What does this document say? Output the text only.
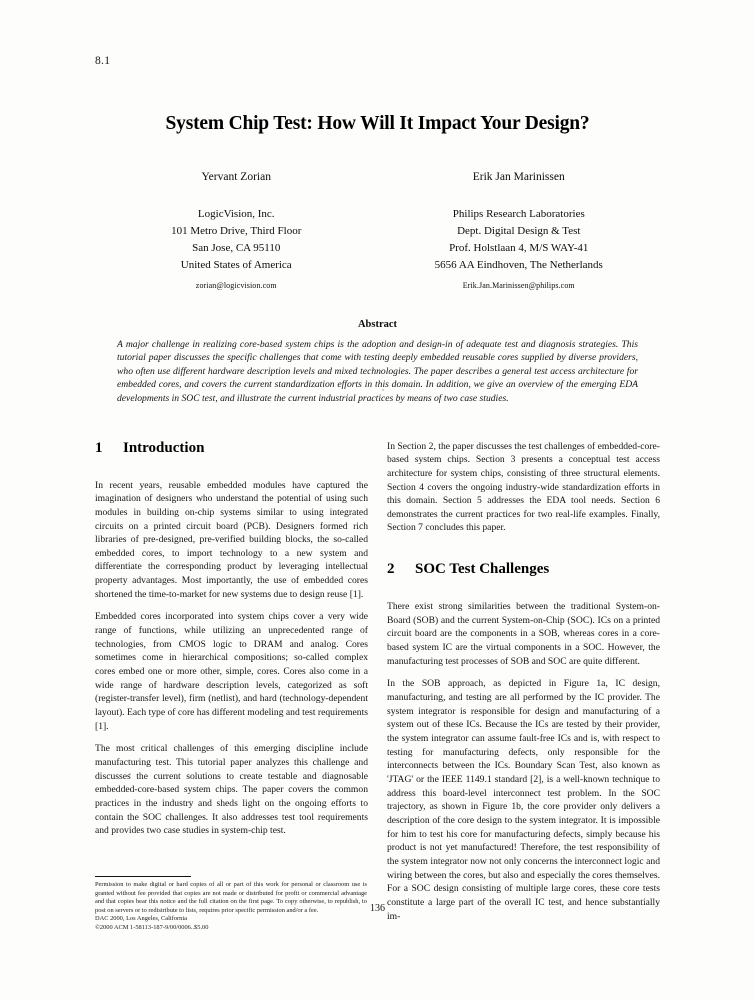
8.1
System Chip Test: How Will It Impact Your Design?
Yervant Zorian
LogicVision, Inc.
101 Metro Drive, Third Floor
San Jose, CA 95110
United States of America
zorian@logicvision.com
Erik Jan Marinissen
Philips Research Laboratories
Dept. Digital Design & Test
Prof. Holstlaan 4, M/S WAY-41
5656 AA Eindhoven, The Netherlands
Erik.Jan.Marinissen@philips.com
Abstract
A major challenge in realizing core-based system chips is the adoption and design-in of adequate test and diagnosis strategies. This tutorial paper discusses the specific challenges that come with testing deeply embedded reusable cores supplied by diverse providers, who often use different hardware description levels and mixed technologies. The paper describes a general test access architecture for embedded cores, and covers the current standardization efforts in this domain. In addition, we give an overview of the emerging EDA developments in SOC test, and illustrate the current industrial practices by means of two case studies.
1 Introduction

In recent years, reusable embedded modules have captured the imagination of designers who understand the potential of using such modules in building on-chip systems similar to using integrated circuits on a printed circuit board (PCB). Designers formed rich libraries of pre-designed, pre-verified building blocks, the so-called embedded cores, to import technology to a new system and differentiate the corresponding product by leveraging intellectual property advantages. Most importantly, the use of embedded cores shortened the time-to-market for new systems due to design reuse [1].

Embedded cores incorporated into system chips cover a very wide range of functions, while utilizing an unprecedented range of technologies, from CMOS logic to DRAM and analog. Cores sometimes come in hierarchical compositions; so-called complex cores embed one or more other, simple, cores. Cores also come in a wide range of hardware description levels, categorized as soft (register-transfer level), firm (netlist), and hard (technology-dependent layout). Each type of core has different modeling and test requirements [1].

The most critical challenges of this emerging discipline include manufacturing test. This tutorial paper analyzes this challenge and discusses the current solutions to create testable and diagnosable embedded-core-based system chips. The paper covers the common practices in the industry and sheds light on the ongoing efforts to contain the SOC challenges. It also addresses test tool requirements and provides two case studies in system-chip test.

Permission to make digital or hard copies of all or part of this work for personal or classroom use is granted without fee provided that copies are not made or distributed for profit or commercial advantage and that copies bear this notice and the full citation on the first page. To copy otherwise, to republish, to post on servers or to redistribute to lists, requires prior specific permission and/or a fee.
DAC 2000, Los Angeles, California
©2000 ACM 1-58113-187-9/00/0006..$5.00

In Section 2, the paper discusses the test challenges of embedded-core-based system chips. Section 3 presents a conceptual test access architecture for system chips, consisting of three structural elements. Section 4 covers the ongoing industry-wide standardization efforts in this domain. Section 5 addresses the EDA tool needs. Section 6 demonstrates the current practices for two real-life examples. Finally, Section 7 concludes this paper.

2 SOC Test Challenges

There exist strong similarities between the traditional System-on-Board (SOB) and the current System-on-Chip (SOC). ICs on a printed circuit board are the components in a SOB, whereas cores in a core-based system IC are the virtual components in a SOC. However, the manufacturing test processes of SOB and SOC are quite different.

In the SOB approach, as depicted in Figure 1a, IC design, manufacturing, and testing are all performed by the IC provider. The system integrator is responsible for design and manufacturing of a system out of these ICs. Because the ICs are tested by their provider, the system integrator can assume fault-free ICs and is, with respect to testing for manufacturing defects, only responsible for the interconnects between the ICs. Boundary Scan Test, also known as 'JTAG' or the IEEE 1149.1 standard [2], is a well-known technique to address this board-level interconnect test problem. In the SOC trajectory, as shown in Figure 1b, the core provider only delivers a description of the core design to the system integrator. It is impossible for him to test his core for manufacturing defects, simply because his product is not yet manufactured! Therefore, the test responsibility of the system integrator now not only concerns the interconnect logic and wiring between the cores, but also and especially the cores themselves. For a SOC design consisting of multiple large cores, these core tests constitute a large part of the overall IC test, and hence substantially im-

136
